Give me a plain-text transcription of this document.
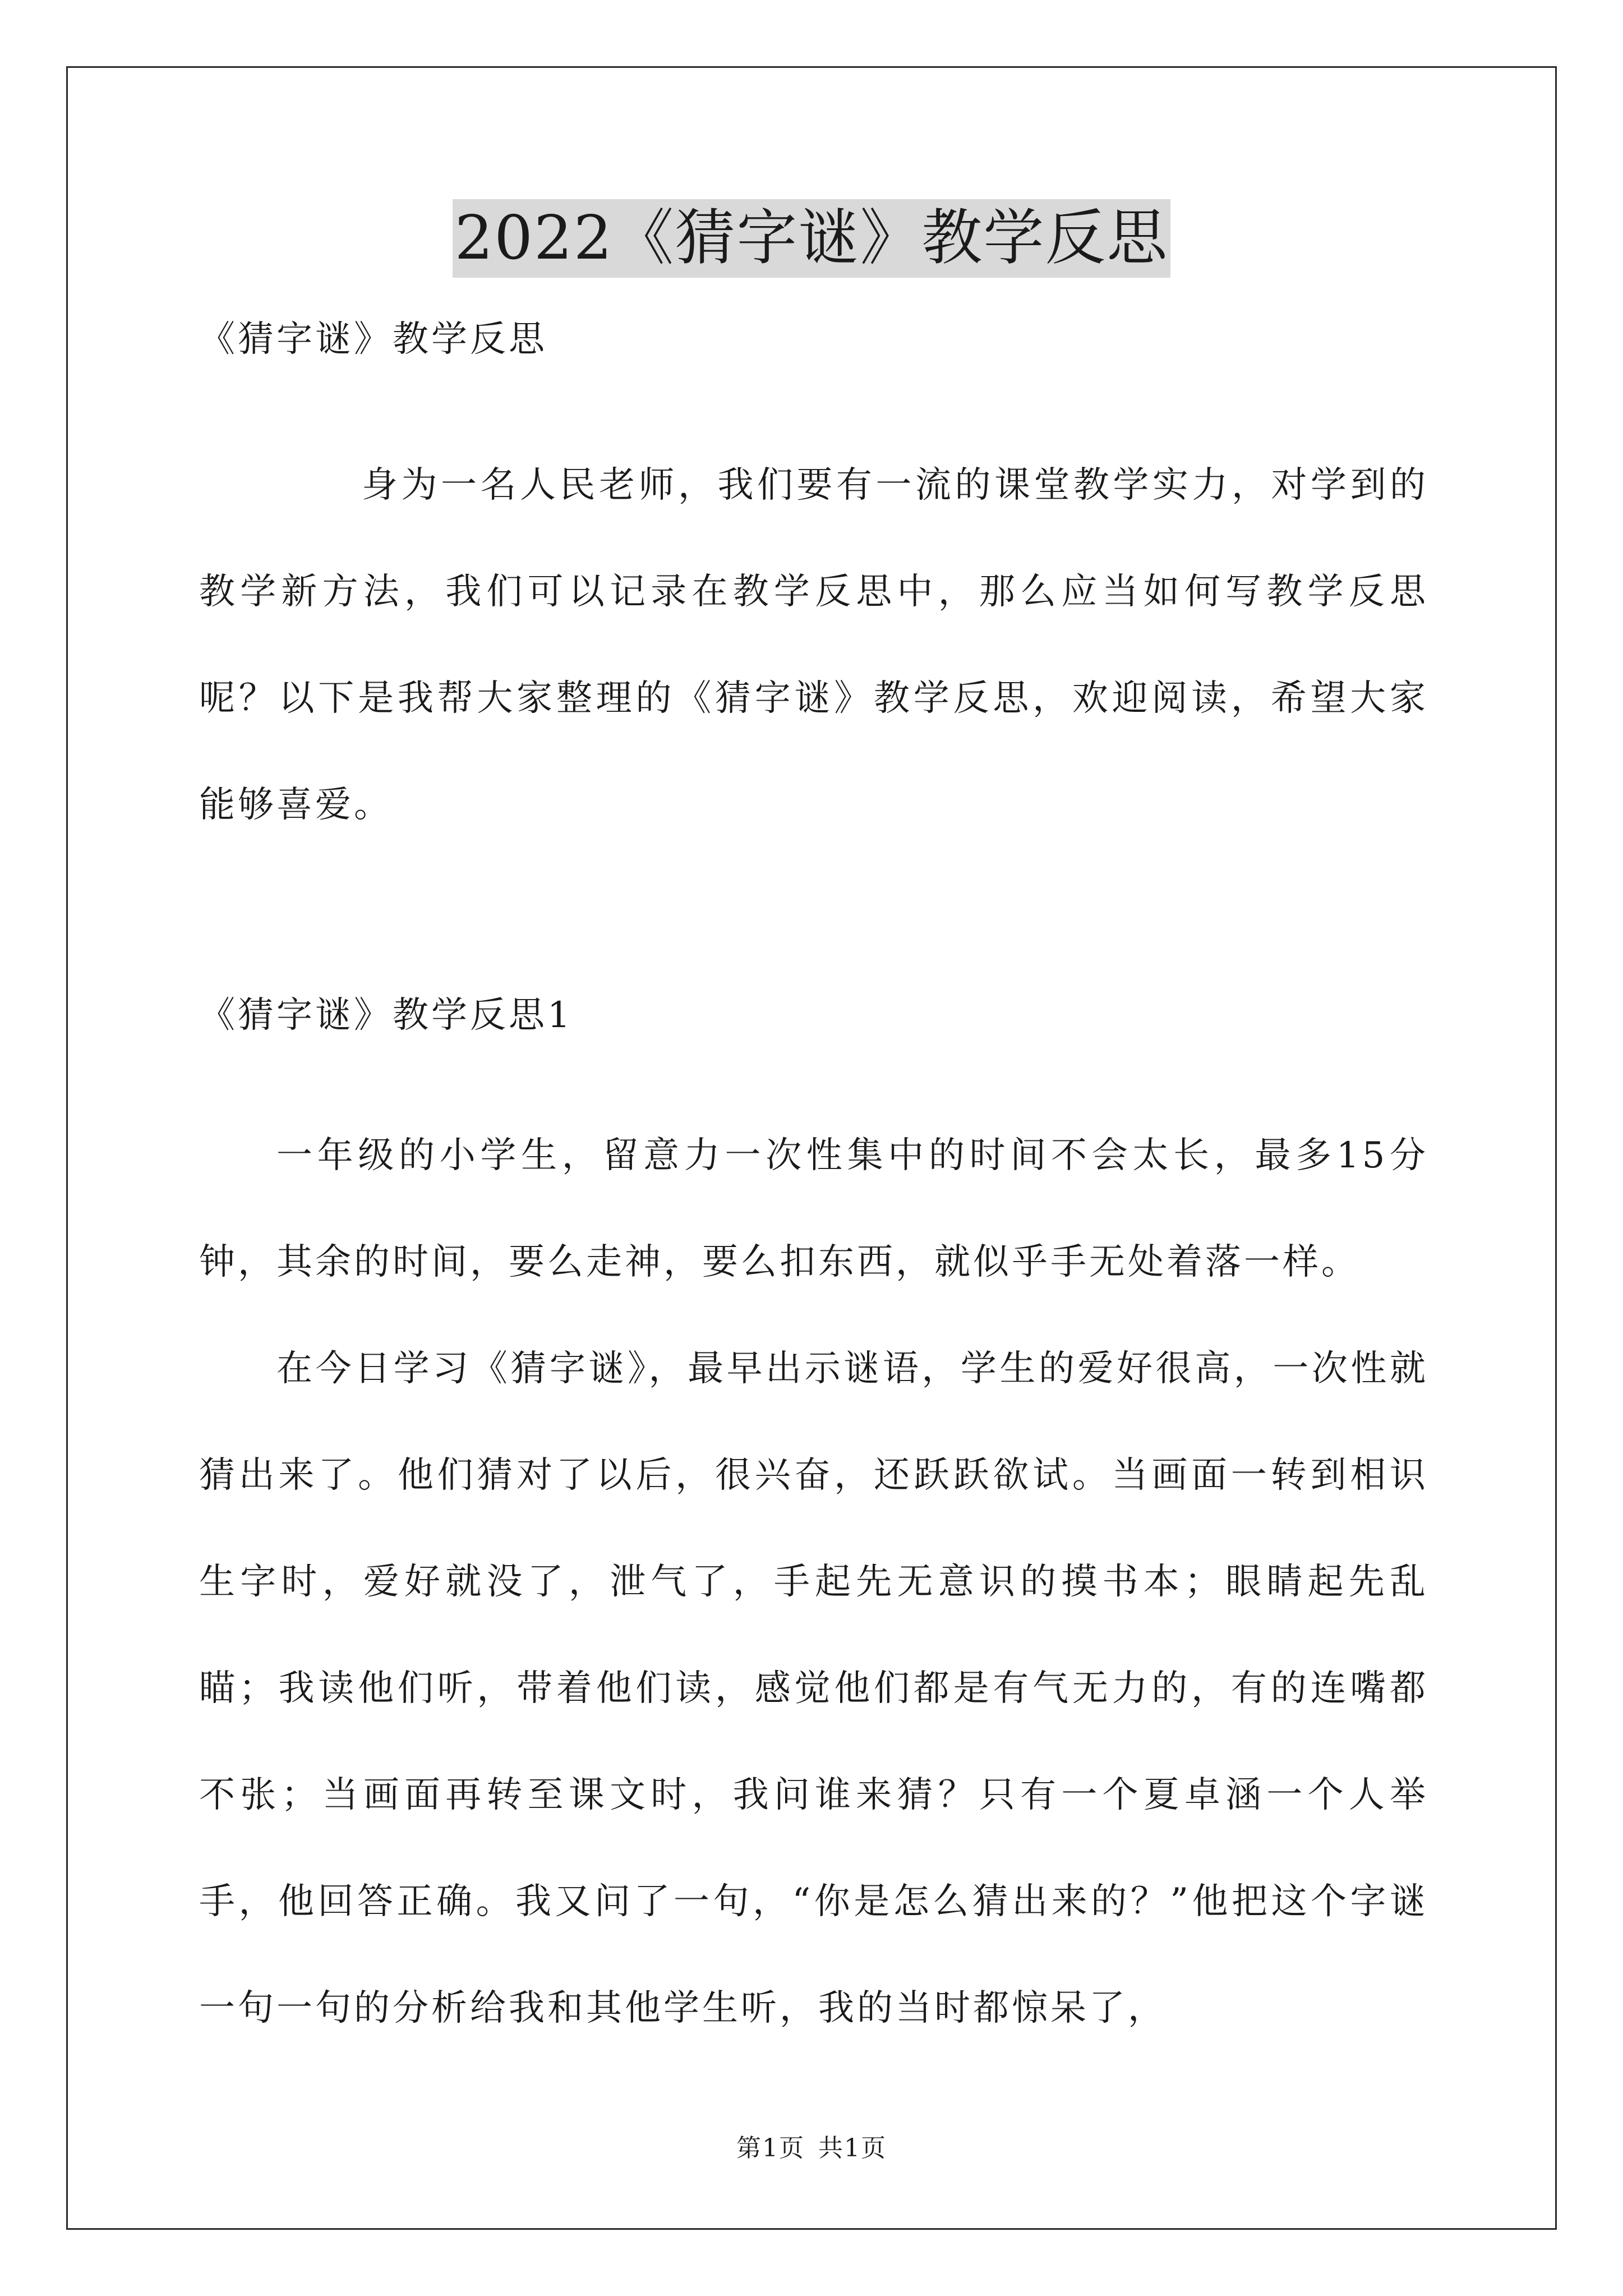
2022《猜字谜》教学反思
《猜字谜》教学反思

身为一名人民老师，我们要有一流的课堂教学实力，对学到的教学新方法，我们可以记录在教学反思中，那么应当如何写教学反思呢？以下是我帮大家整理的《猜字谜》教学反思，欢迎阅读，希望大家能够喜爱。

《猜字谜》教学反思1

一年级的小学生，留意力一次性集中的时间不会太长，最多15分钟，其余的时间，要么走神，要么扣东西，就似乎手无处着落一样。

在今日学习《猜字谜》，最早出示谜语，学生的爱好很高，一次性就猜出来了。他们猜对了以后，很兴奋，还跃跃欲试。当画面一转到相识生字时，爱好就没了，泄气了，手起先无意识的摸书本；眼睛起先乱瞄；我读他们听，带着他们读，感觉他们都是有气无力的，有的连嘴都不张；当画面再转至课文时，我问谁来猜？只有一个夏卓涵一个人举手，他回答正确。我又问了一句，“你是怎么猜出来的？”他把这个字谜一句一句的分析给我和其他学生听，我的当时都惊呆了，

第1页 共1页
